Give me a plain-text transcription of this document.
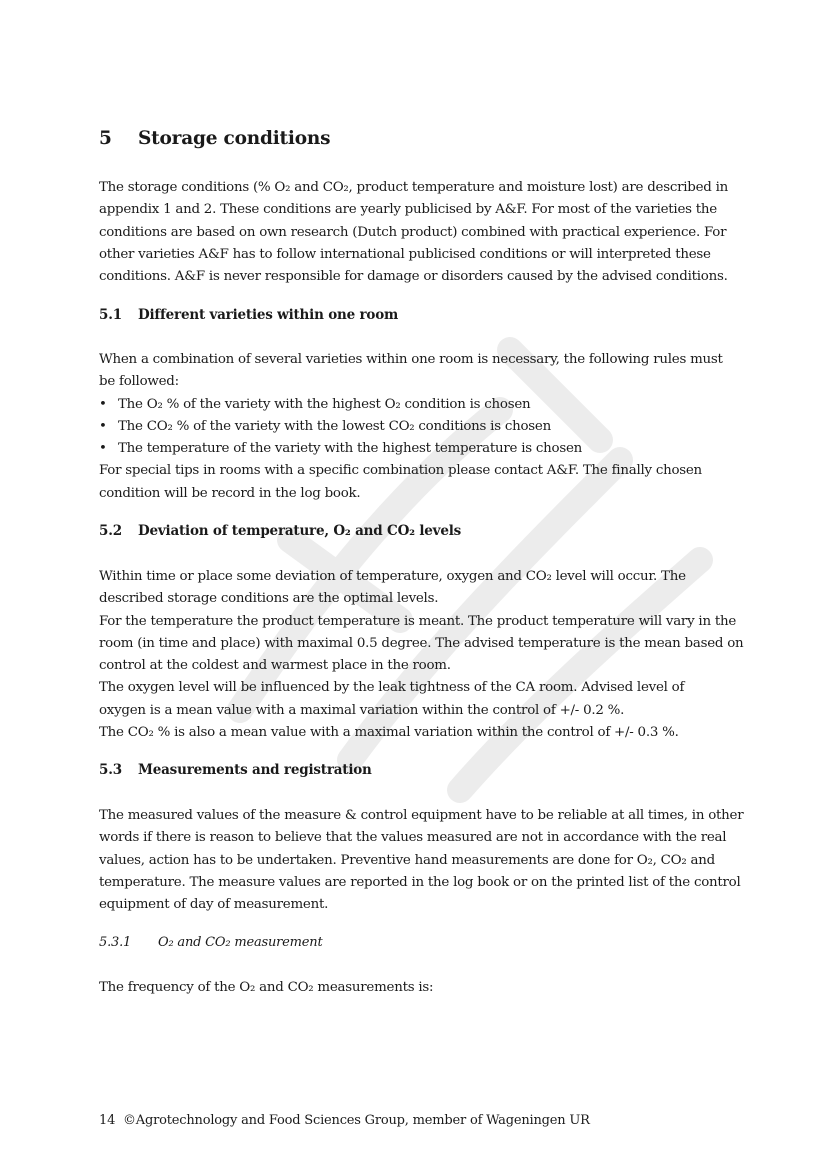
5 Storage conditions
The storage conditions (% O₂ and CO₂, product temperature and moisture lost) are described in
appendix 1 and 2. These conditions are yearly publicised by A&F. For most of the varieties the
conditions are based on own research (Dutch product) combined with practical experience. For
other varieties A&F has to follow international publicised conditions or will interpreted these
conditions. A&F is never responsible for damage or disorders caused by the advised conditions.
5.1 Different varieties within one room
When a combination of several varieties within one room is necessary, the following rules must
be followed:
• The O₂ % of the variety with the highest O₂ condition is chosen
• The CO₂ % of the variety with the lowest CO₂ conditions is chosen
• The temperature of the variety with the highest temperature is chosen
For special tips in rooms with a specific combination please contact A&F. The finally chosen
condition will be record in the log book.
5.2 Deviation of temperature, O₂ and CO₂ levels
Within time or place some deviation of temperature, oxygen and CO₂ level will occur. The
described storage conditions are the optimal levels.
For the temperature the product temperature is meant. The product temperature will vary in the
room (in time and place) with maximal 0.5 degree. The advised temperature is the mean based on
control at the coldest and warmest place in the room.
The oxygen level will be influenced by the leak tightness of the CA room. Advised level of
oxygen is a mean value with a maximal variation within the control of +/- 0.2 %.
The CO₂ % is also a mean value with a maximal variation within the control of +/- 0.3 %.
5.3 Measurements and registration
The measured values of the measure & control equipment have to be reliable at all times, in other
words if there is reason to believe that the values measured are not in accordance with the real
values, action has to be undertaken. Preventive hand measurements are done for O₂, CO₂ and
temperature. The measure values are reported in the log book or on the printed list of the control
equipment of day of measurement.
5.3.1 O₂ and CO₂ measurement
The frequency of the O₂ and CO₂ measurements is:
14 ©Agrotechnology and Food Sciences Group, member of Wageningen UR
